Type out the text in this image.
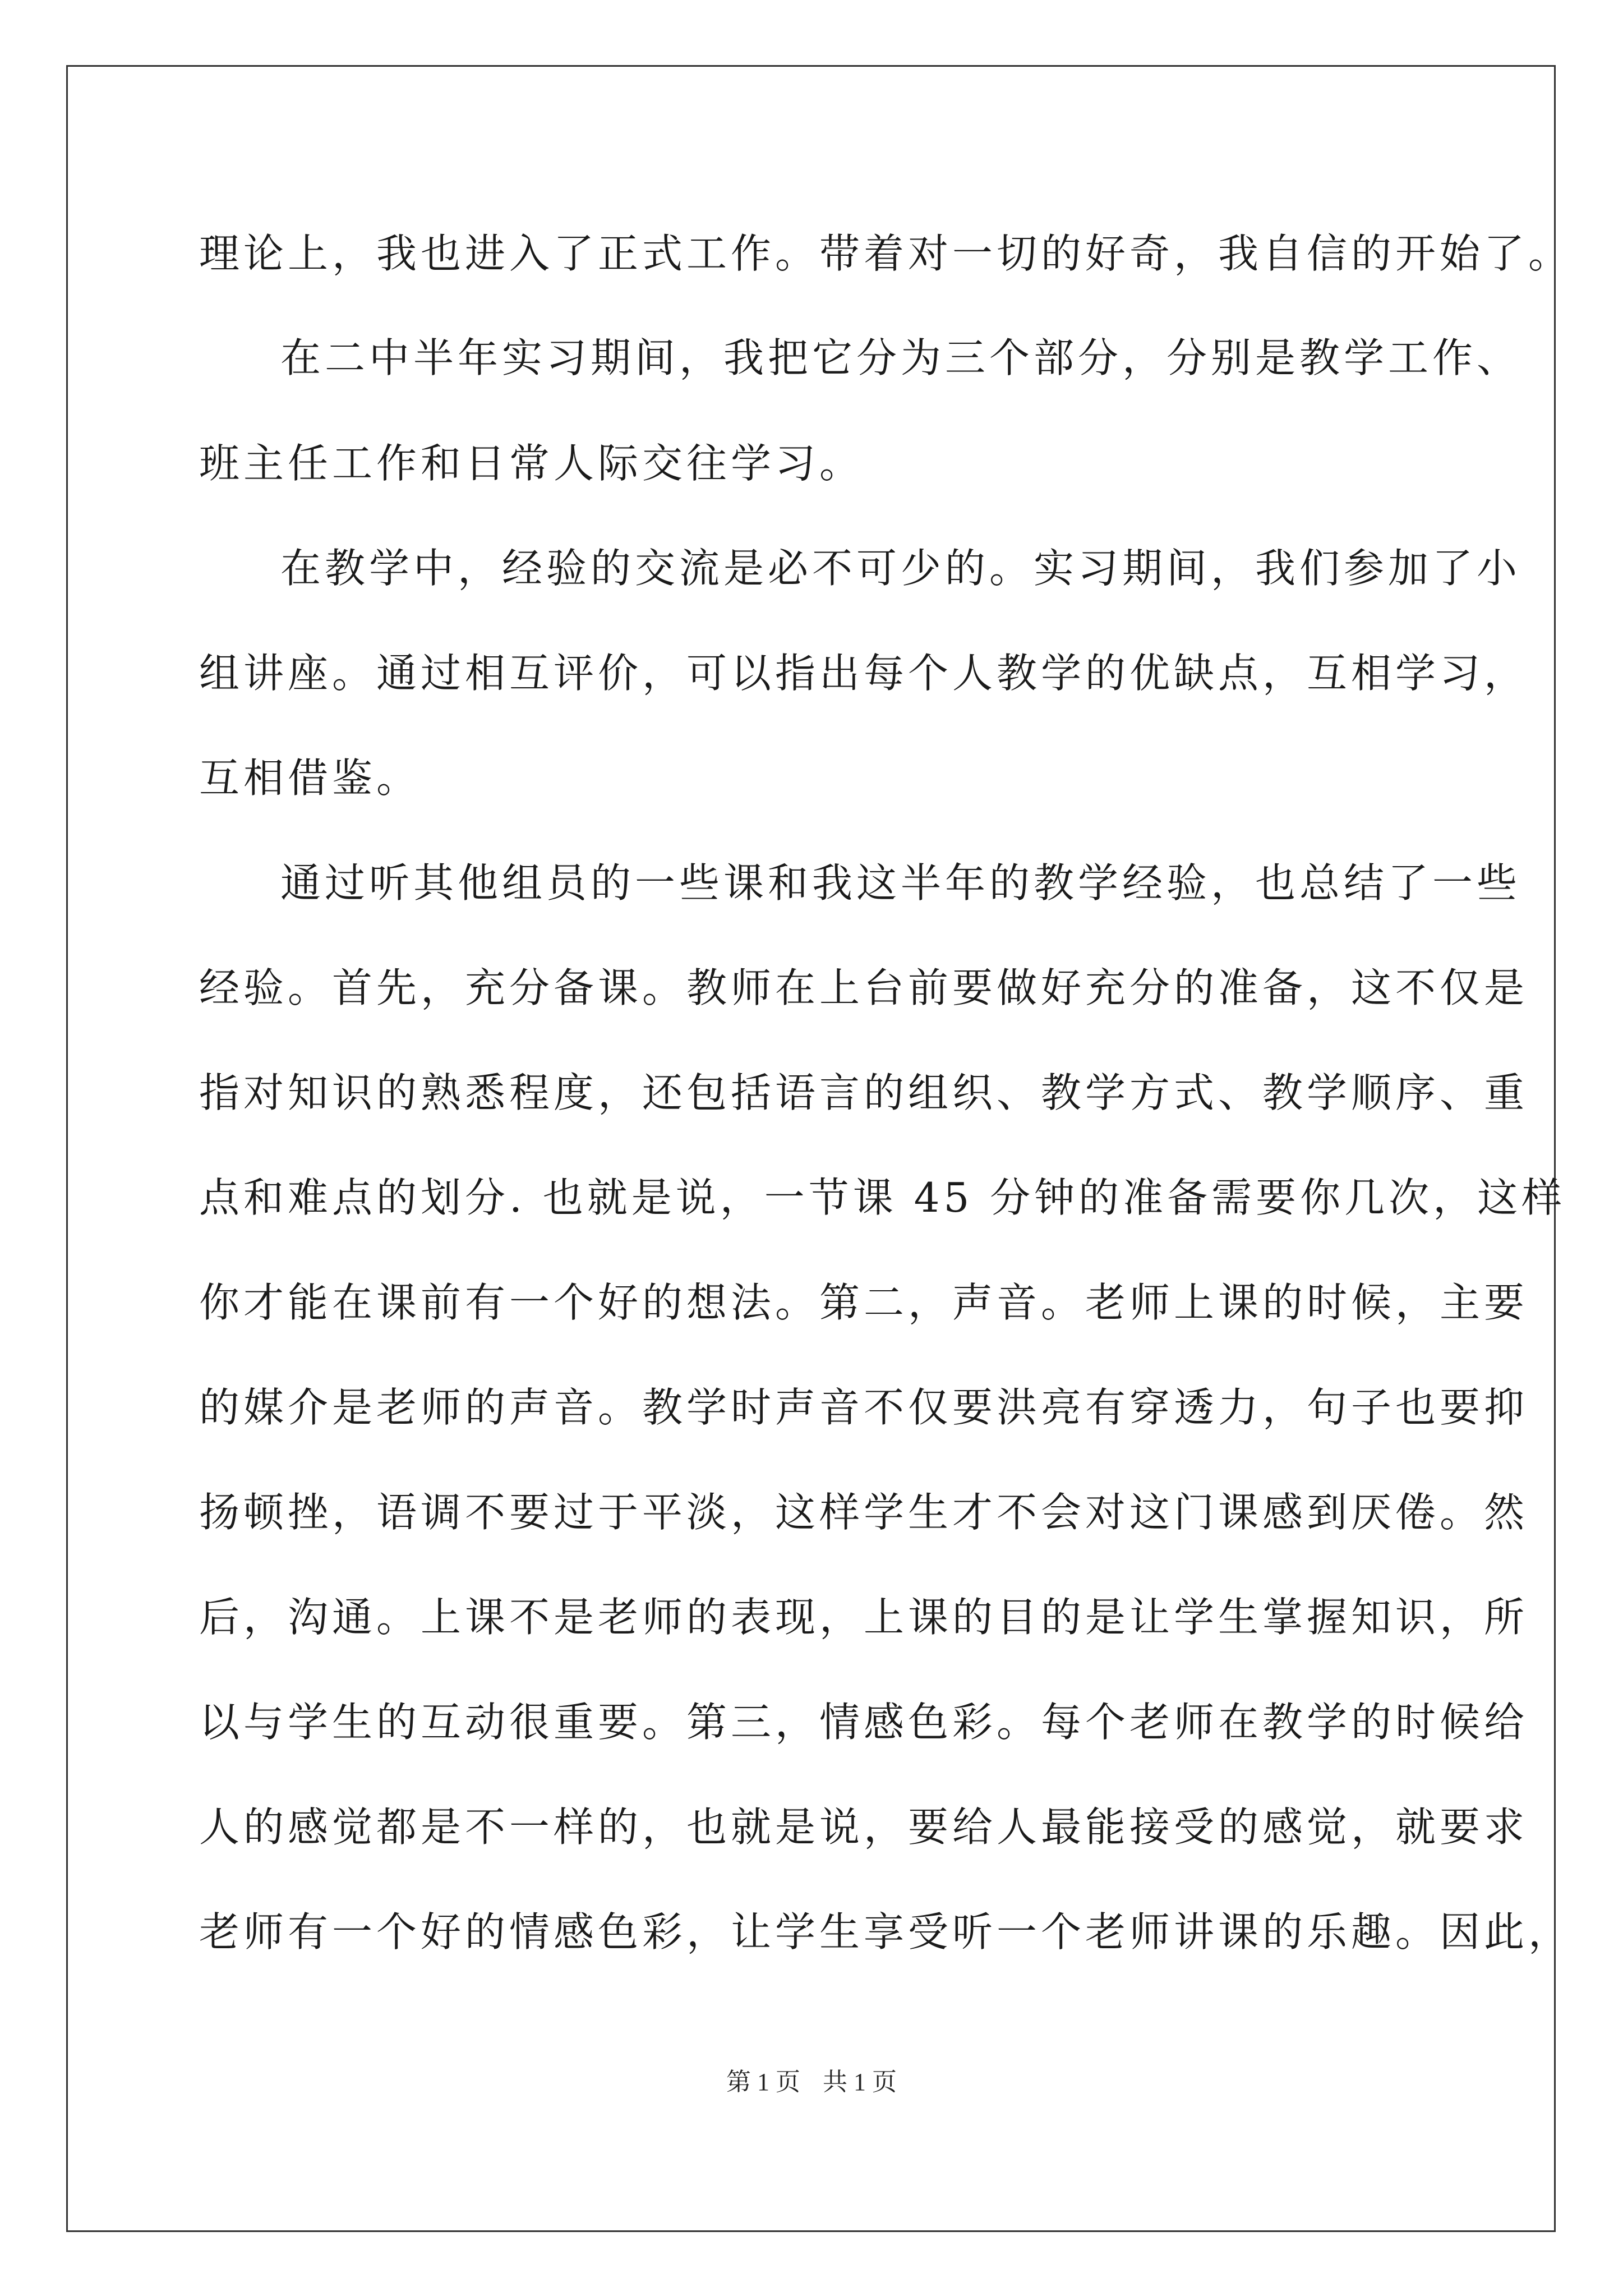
理论上，我也进入了正式工作。带着对一切的好奇，我自信的开始了。
在二中半年实习期间，我把它分为三个部分，分别是教学工作、
班主任工作和日常人际交往学习。
在教学中，经验的交流是必不可少的。实习期间，我们参加了小
组讲座。通过相互评价，可以指出每个人教学的优缺点，互相学习，
互相借鉴。
通过听其他组员的一些课和我这半年的教学经验，也总结了一些
经验。首先，充分备课。教师在上台前要做好充分的准备，这不仅是
指对知识的熟悉程度，还包括语言的组织、教学方式、教学顺序、重
点和难点的划分. 也就是说，一节课 45 分钟的准备需要你几次，这样
你才能在课前有一个好的想法。第二，声音。老师上课的时候，主要
的媒介是老师的声音。教学时声音不仅要洪亮有穿透力，句子也要抑
扬顿挫，语调不要过于平淡，这样学生才不会对这门课感到厌倦。然
后，沟通。上课不是老师的表现，上课的目的是让学生掌握知识，所
以与学生的互动很重要。第三，情感色彩。每个老师在教学的时候给
人的感觉都是不一样的，也就是说，要给人最能接受的感觉，就要求
老师有一个好的情感色彩，让学生享受听一个老师讲课的乐趣。因此，
第 1 页 共 1 页
